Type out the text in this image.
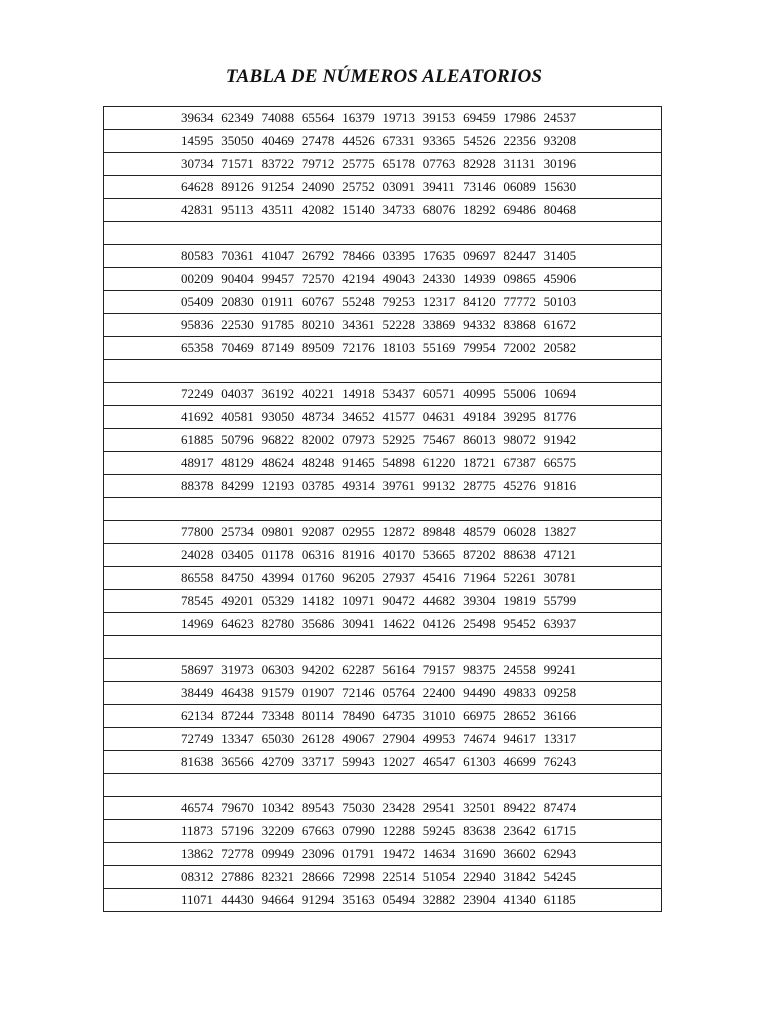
TABLA DE NÚMEROS ALEATORIOS
39634 62349 74088 65564 16379 19713 39153 69459 17986 24537
14595 35050 40469 27478 44526 67331 93365 54526 22356 93208
30734 71571 83722 79712 25775 65178 07763 82928 31131 30196
64628 89126 91254 24090 25752 03091 39411 73146 06089 15630
42831 95113 43511 42082 15140 34733 68076 18292 69486 80468
80583 70361 41047 26792 78466 03395 17635 09697 82447 31405
00209 90404 99457 72570 42194 49043 24330 14939 09865 45906
05409 20830 01911 60767 55248 79253 12317 84120 77772 50103
95836 22530 91785 80210 34361 52228 33869 94332 83868 61672
65358 70469 87149 89509 72176 18103 55169 79954 72002 20582
72249 04037 36192 40221 14918 53437 60571 40995 55006 10694
41692 40581 93050 48734 34652 41577 04631 49184 39295 81776
61885 50796 96822 82002 07973 52925 75467 86013 98072 91942
48917 48129 48624 48248 91465 54898 61220 18721 67387 66575
88378 84299 12193 03785 49314 39761 99132 28775 45276 91816
77800 25734 09801 92087 02955 12872 89848 48579 06028 13827
24028 03405 01178 06316 81916 40170 53665 87202 88638 47121
86558 84750 43994 01760 96205 27937 45416 71964 52261 30781
78545 49201 05329 14182 10971 90472 44682 39304 19819 55799
14969 64623 82780 35686 30941 14622 04126 25498 95452 63937
58697 31973 06303 94202 62287 56164 79157 98375 24558 99241
38449 46438 91579 01907 72146 05764 22400 94490 49833 09258
62134 87244 73348 80114 78490 64735 31010 66975 28652 36166
72749 13347 65030 26128 49067 27904 49953 74674 94617 13317
81638 36566 42709 33717 59943 12027 46547 61303 46699 76243
46574 79670 10342 89543 75030 23428 29541 32501 89422 87474
11873 57196 32209 67663 07990 12288 59245 83638 23642 61715
13862 72778 09949 23096 01791 19472 14634 31690 36602 62943
08312 27886 82321 28666 72998 22514 51054 22940 31842 54245
11071 44430 94664 91294 35163 05494 32882 23904 41340 61185
